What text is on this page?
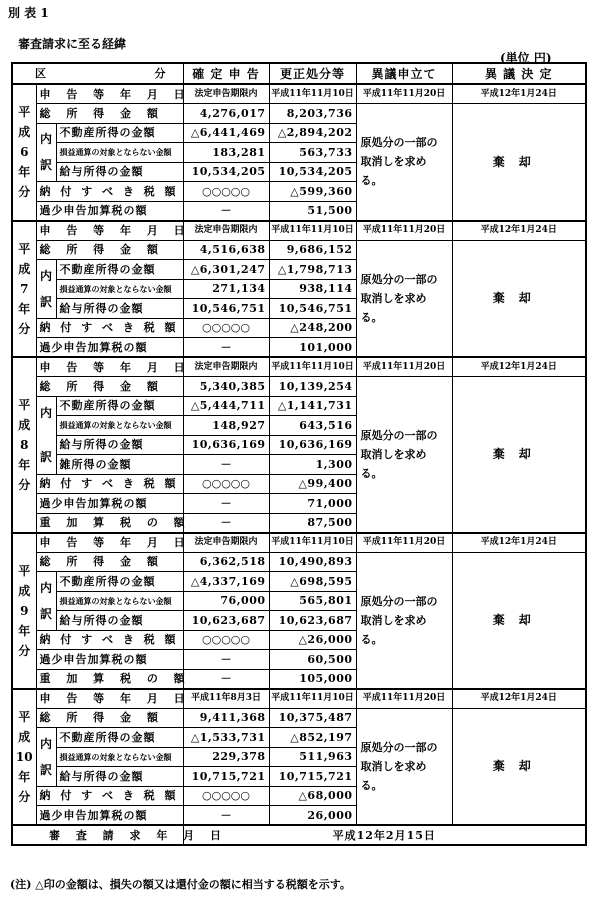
別 表 1
審査請求に至る経緯
(単位 円)
区 分			確 定 申 告	更正処分等	異議申立て	異 議 決 定

平
成
6
年
分	申 告 等 年 月 日		法定申告期限内	平成11年11月10日	平成11年11月20日	平成12年1月24日
	総 所 得 金 額		4,276,017	8,203,736	原処分の一部の取消しを求める。	棄却

	内
訳	不動産所得の金額	△6,441,469	△2,894,202		
		損益通算の対象とならない金額	183,281	563,733		
		給与所得の金額	10,534,205	10,534,205		
	納 付 す べ き 税 額		○○○○○	△599,360		
	過少申告加算税の額		－	51,500		

平
成
7
年
分	申 告 等 年 月 日		法定申告期限内	平成11年11月10日	平成11年11月20日	平成12年1月24日
	総 所 得 金 額		4,516,638	9,686,152	原処分の一部の取消しを求める。	棄却

	内
訳	不動産所得の金額	△6,301,247	△1,798,713		
		損益通算の対象とならない金額	271,134	938,114		
		給与所得の金額	10,546,751	10,546,751		
	納 付 す べ き 税 額		○○○○○	△248,200		
	過少申告加算税の額		－	101,000		

平
成
8
年
分	申 告 等 年 月 日		法定申告期限内	平成11年11月10日	平成11年11月20日	平成12年1月24日
	総 所 得 金 額		5,340,385	10,139,254	原処分の一部の取消しを求める。	棄却

	内
訳	不動産所得の金額	△5,444,711	△1,141,731		
		損益通算の対象とならない金額	148,927	643,516		
		給与所得の金額	10,636,169	10,636,169		
		雑所得の金額	－	1,300		
	納 付 す べ き 税 額		○○○○○	△99,400		
	過少申告加算税の額		－	71,000		
	重 加 算 税 の 額		－	87,500		

平
成
9
年
分	申 告 等 年 月 日		法定申告期限内	平成11年11月10日	平成11年11月20日	平成12年1月24日
	総 所 得 金 額		6,362,518	10,490,893	原処分の一部の取消しを求める。	棄却

	内
訳	不動産所得の金額	△4,337,169	△698,595		
		損益通算の対象とならない金額	76,000	565,801		
		給与所得の金額	10,623,687	10,623,687		
	納 付 す べ き 税 額		○○○○○	△26,000		
	過少申告加算税の額		－	60,500		
	重 加 算 税 の 額		－	105,000		

平
成
10
年
分	申 告 等 年 月 日		平成11年8月3日	平成11年11月10日	平成11年11月20日	平成12年1月24日
	総 所 得 金 額		9,411,368	10,375,487	原処分の一部の取消しを求める。	棄却

	内
訳	不動産所得の金額	△1,533,731	△852,197		
		損益通算の対象とならない金額	229,378	511,963		
		給与所得の金額	10,715,721	10,715,721		
	納 付 す べ き 税 額		○○○○○	△68,000		
	過少申告加算税の額		－	26,000		
審 査 請 求 年 月 日			平成12年2月15日			
(注) △印の金額は、損失の額又は還付金の額に相当する税額を示す。
